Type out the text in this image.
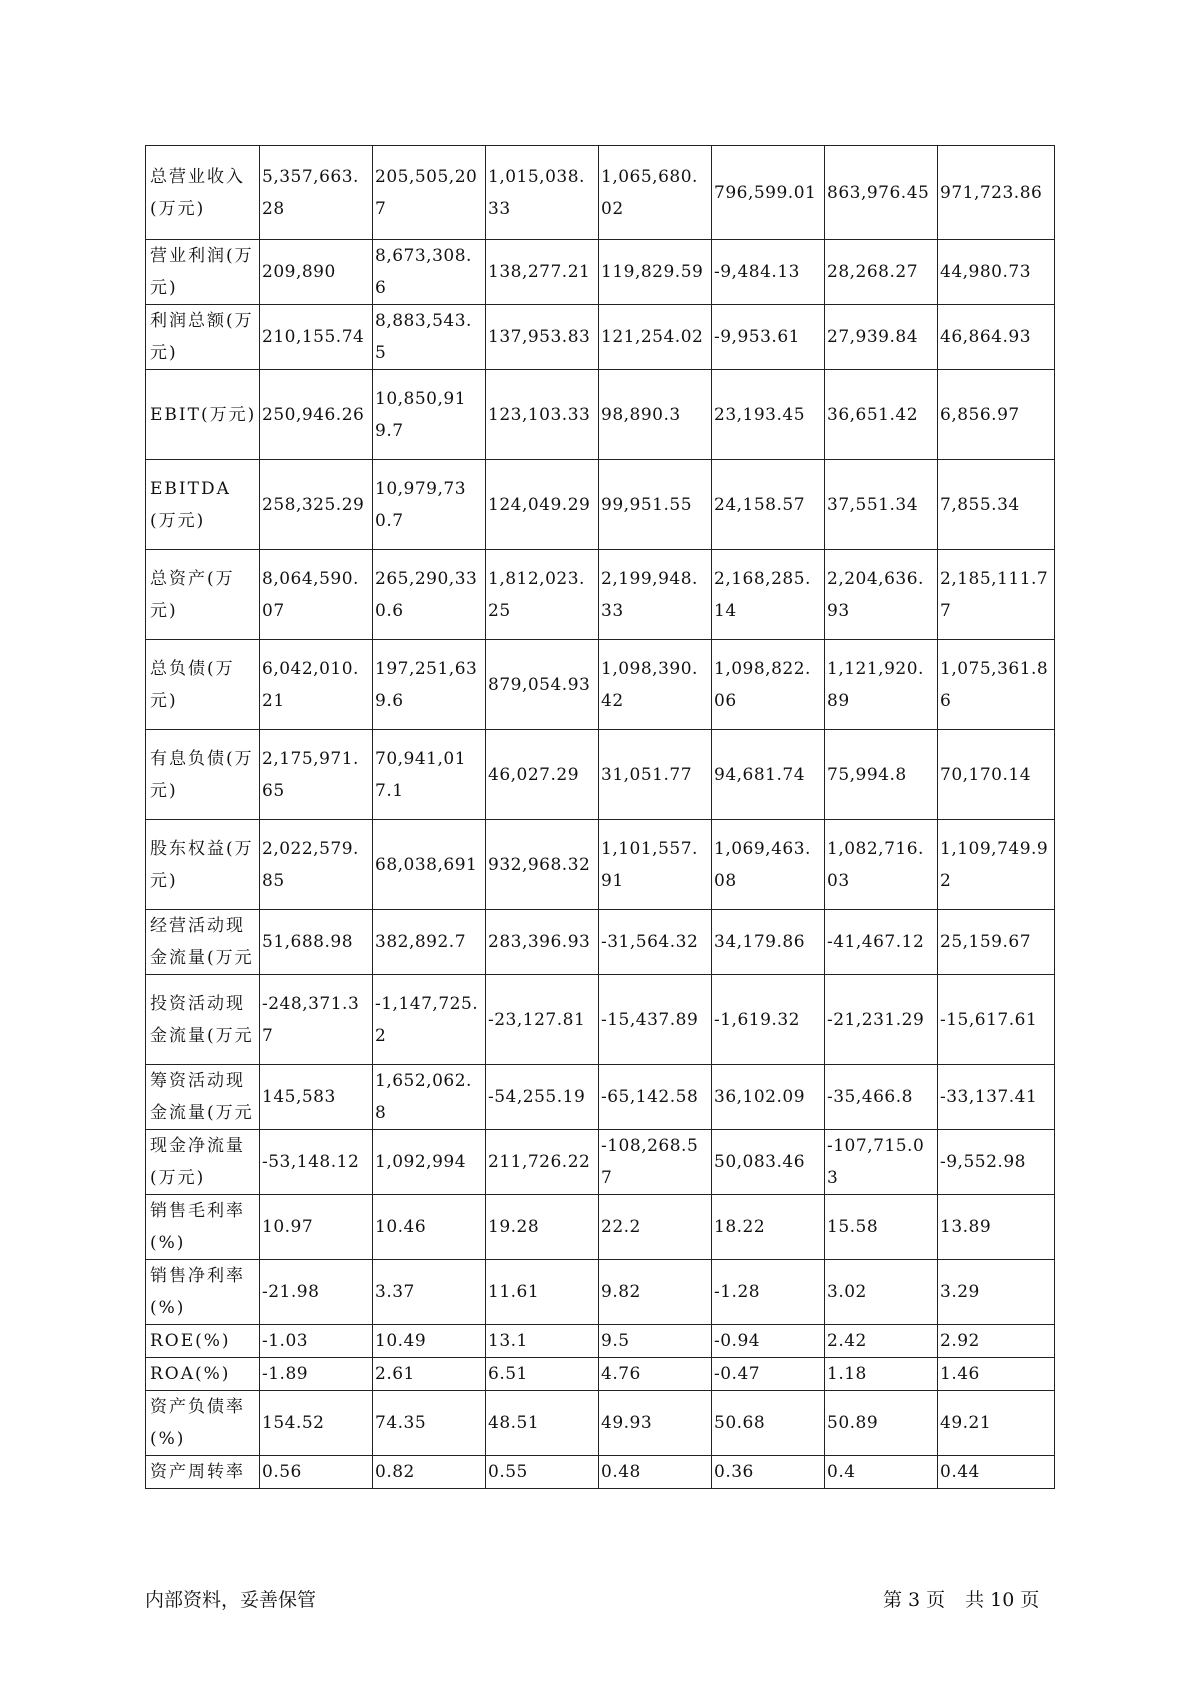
总营业收入(万元)	5,357,663.28	205,505,207	1,015,038.33	1,065,680.02	796,599.01	863,976.45	971,723.86
营业利润(万元)	209,890	8,673,308.6	138,277.21	119,829.59	-9,484.13	28,268.27	44,980.73
利润总额(万元)	210,155.74	8,883,543.5	137,953.83	121,254.02	-9,953.61	27,939.84	46,864.93
EBIT(万元)	250,946.26	10,850,919.7	123,103.33	98,890.3	23,193.45	36,651.42	6,856.97
EBITDA(万元)	258,325.29	10,979,730.7	124,049.29	99,951.55	24,158.57	37,551.34	7,855.34
总资产(万元)	8,064,590.07	265,290,330.6	1,812,023.25	2,199,948.33	2,168,285.14	2,204,636.93	2,185,111.77
总负债(万元)	6,042,010.21	197,251,639.6	879,054.93	1,098,390.42	1,098,822.06	1,121,920.89	1,075,361.86
有息负债(万元)	2,175,971.65	70,941,017.1	46,027.29	31,051.77	94,681.74	75,994.8	70,170.14
股东权益(万元)	2,022,579.85	68,038,691	932,968.32	1,101,557.91	1,069,463.08	1,082,716.03	1,109,749.92
经营活动现金流量(万元	51,688.98	382,892.7	283,396.93	-31,564.32	34,179.86	-41,467.12	25,159.67
投资活动现金流量(万元	-248,371.37	-1,147,725.2	-23,127.81	-15,437.89	-1,619.32	-21,231.29	-15,617.61
筹资活动现金流量(万元	145,583	1,652,062.8	-54,255.19	-65,142.58	36,102.09	-35,466.8	-33,137.41
现金净流量(万元)	-53,148.12	1,092,994	211,726.22	-108,268.57	50,083.46	-107,715.03	-9,552.98
销售毛利率(%)	10.97	10.46	19.28	22.2	18.22	15.58	13.89
销售净利率(%)	-21.98	3.37	11.61	9.82	-1.28	3.02	3.29
ROE(%)	-1.03	10.49	13.1	9.5	-0.94	2.42	2.92
ROA(%)	-1.89	2.61	6.51	4.76	-0.47	1.18	1.46
资产负债率(%)	154.52	74.35	48.51	49.93	50.68	50.89	49.21
资产周转率	0.56	0.82	0.55	0.48	0.36	0.4	0.44
内部资料，妥善保管	第 3 页 共 10 页
